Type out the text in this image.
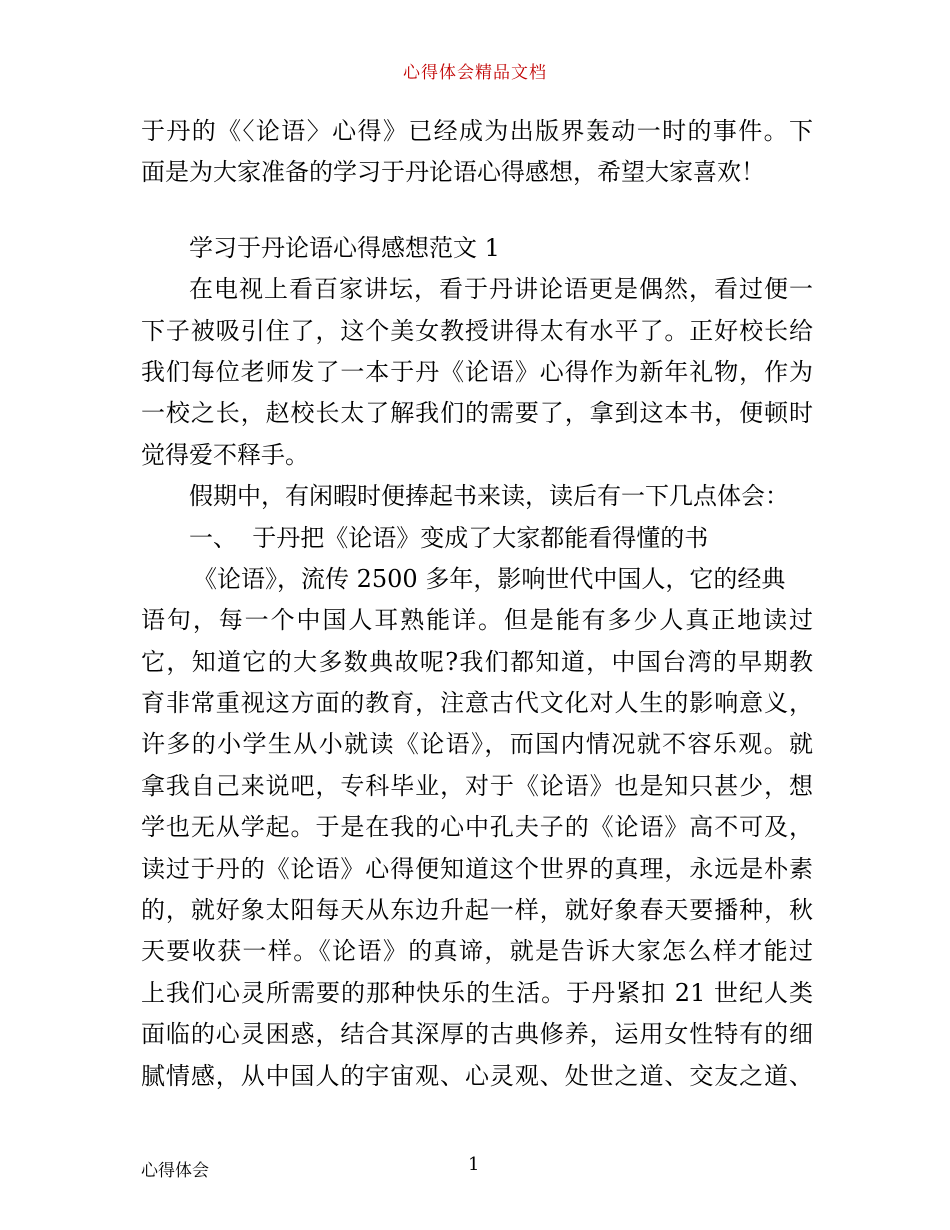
心得体会精品文档
于丹的《〈论语〉心得》已经成为出版界轰动一时的事件。下
面是为大家准备的学习于丹论语心得感想，希望大家喜欢！
学习于丹论语心得感想范文 1
在电视上看百家讲坛，看于丹讲论语更是偶然，看过便一
下子被吸引住了，这个美女教授讲得太有水平了。正好校长给
我们每位老师发了一本于丹《论语》心得作为新年礼物，作为
一校之长，赵校长太了解我们的需要了，拿到这本书，便顿时
觉得爱不释手。
假期中，有闲暇时便捧起书来读，读后有一下几点体会：
一、  于丹把《论语》变成了大家都能看得懂的书
《论语》，流传 2500 多年，影响世代中国人，它的经典
语句，每一个中国人耳熟能详。但是能有多少人真正地读过
它，知道它的大多数典故呢?我们都知道，中国台湾的早期教
育非常重视这方面的教育，注意古代文化对人生的影响意义，
许多的小学生从小就读《论语》，而国内情况就不容乐观。就
拿我自己来说吧，专科毕业，对于《论语》也是知只甚少，想
学也无从学起。于是在我的心中孔夫子的《论语》高不可及，
读过于丹的《论语》心得便知道这个世界的真理，永远是朴素
的，就好象太阳每天从东边升起一样，就好象春天要播种，秋
天要收获一样。《论语》的真谛，就是告诉大家怎么样才能过
上我们心灵所需要的那种快乐的生活。于丹紧扣 21 世纪人类
面临的心灵困惑，结合其深厚的古典修养，运用女性特有的细
腻情感，从中国人的宇宙观、心灵观、处世之道、交友之道、
心得体会	1
